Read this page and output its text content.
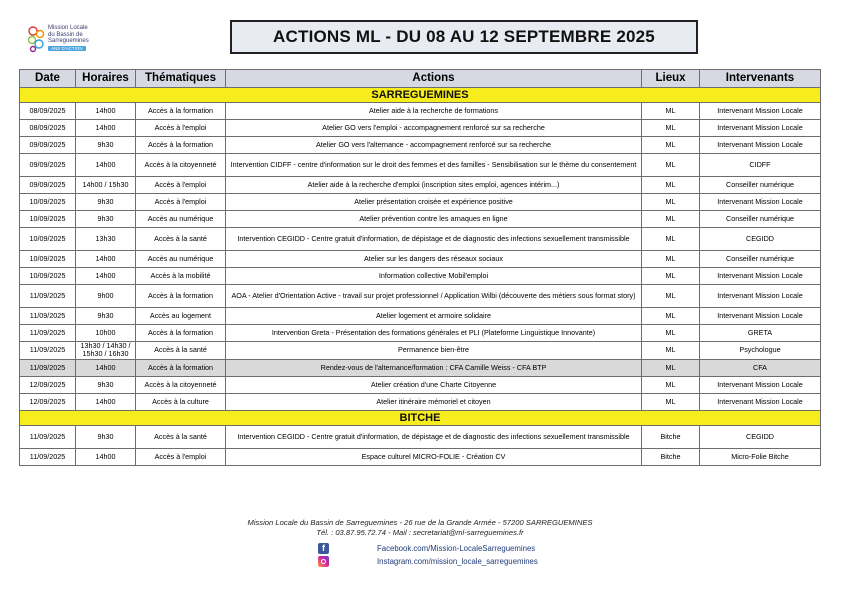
Mission Locale
du Bassin de
Sarreguemines
ANS D'ACTION
ACTIONS ML - DU 08 AU 12 SEPTEMBRE 2025
Date	Horaires	Thématiques	Actions	Lieux	Intervenants
SARREGUEMINES					
08/09/2025	14h00	Accès à la formation	Atelier aide à la recherche de formations	ML	Intervenant Mission Locale
08/09/2025	14h00	Accès à l'emploi	Atelier GO vers l'emploi - accompagnement renforcé sur sa recherche	ML	Intervenant Mission Locale
09/09/2025	9h30	Accès à la formation	Atelier GO vers l'alternance - accompagnement renforcé sur sa recherche	ML	Intervenant Mission Locale
09/09/2025	14h00	Accès à la citoyenneté	Intervention CIDFF - centre d'information sur le droit des femmes et des familles - Sensibilisation sur le thème du consentement	ML	CIDFF
09/09/2025	14h00 / 15h30	Accès à l'emploi	Atelier aide à la recherche d'emploi (inscription sites emploi, agences intérim...)	ML	Conseiller numérique
10/09/2025	9h30	Accès à l'emploi	Atelier présentation croisée et expérience positive	ML	Intervenant Mission Locale
10/09/2025	9h30	Accès au numérique	Atelier prévention contre les arnaques en ligne	ML	Conseiller numérique
10/09/2025	13h30	Accès à la santé	Intervention CEGIDD - Centre gratuit d'information, de dépistage et de diagnostic des infections sexuellement transmissible	ML	CEGIDD
10/09/2025	14h00	Accès au numérique	Atelier sur les dangers des réseaux sociaux	ML	Conseiller numérique
10/09/2025	14h00	Accès à la mobilité	Information collective Mobil'emploi	ML	Intervenant Mission Locale
11/09/2025	9h00	Accès à la formation	AOA - Atelier d'Orientation Active - travail sur projet professionnel / Application Wilbi (découverte des métiers sous format story)	ML	Intervenant Mission Locale
11/09/2025	9h30	Accès au logement	Atelier logement et armoire solidaire	ML	Intervenant Mission Locale
11/09/2025	10h00	Accès à la formation	Intervention Greta - Présentation des formations générales et PLI (Plateforme Linguistique Innovante)	ML	GRETA
11/09/2025	13h30 / 14h30 / 15h30 / 16h30	Accès à la santé	Permanence bien-être	ML	Psychologue
11/09/2025	14h00	Accès à la formation	Rendez-vous de l'alternance/formation : CFA Camille Weiss - CFA BTP	ML	CFA
12/09/2025	9h30	Accès à la citoyenneté	Atelier création d'une Charte Citoyenne	ML	Intervenant Mission Locale
12/09/2025	14h00	Accès à la culture	Atelier itinéraire mémoriel et citoyen	ML	Intervenant Mission Locale
BITCHE					
11/09/2025	9h30	Accès à la santé	Intervention CEGIDD - Centre gratuit d'information, de dépistage et de diagnostic des infections sexuellement transmissible	Bitche	CEGIDD
11/09/2025	14h00	Accès à l'emploi	Espace culturel MICRO-FOLIE - Création CV	Bitche	Micro-Folie Bitche
Mission Locale du Bassin de Sarreguemines - 26 rue de la Grande Armée - 57200 SARREGUEMINES
Tél. : 03.87.95.72.74 - Mail : secretariat@ml-sarreguemines.fr
f	Facebook.com/Mission-LocaleSarreguemines
Instagram.com/mission_locale_sarreguemines
